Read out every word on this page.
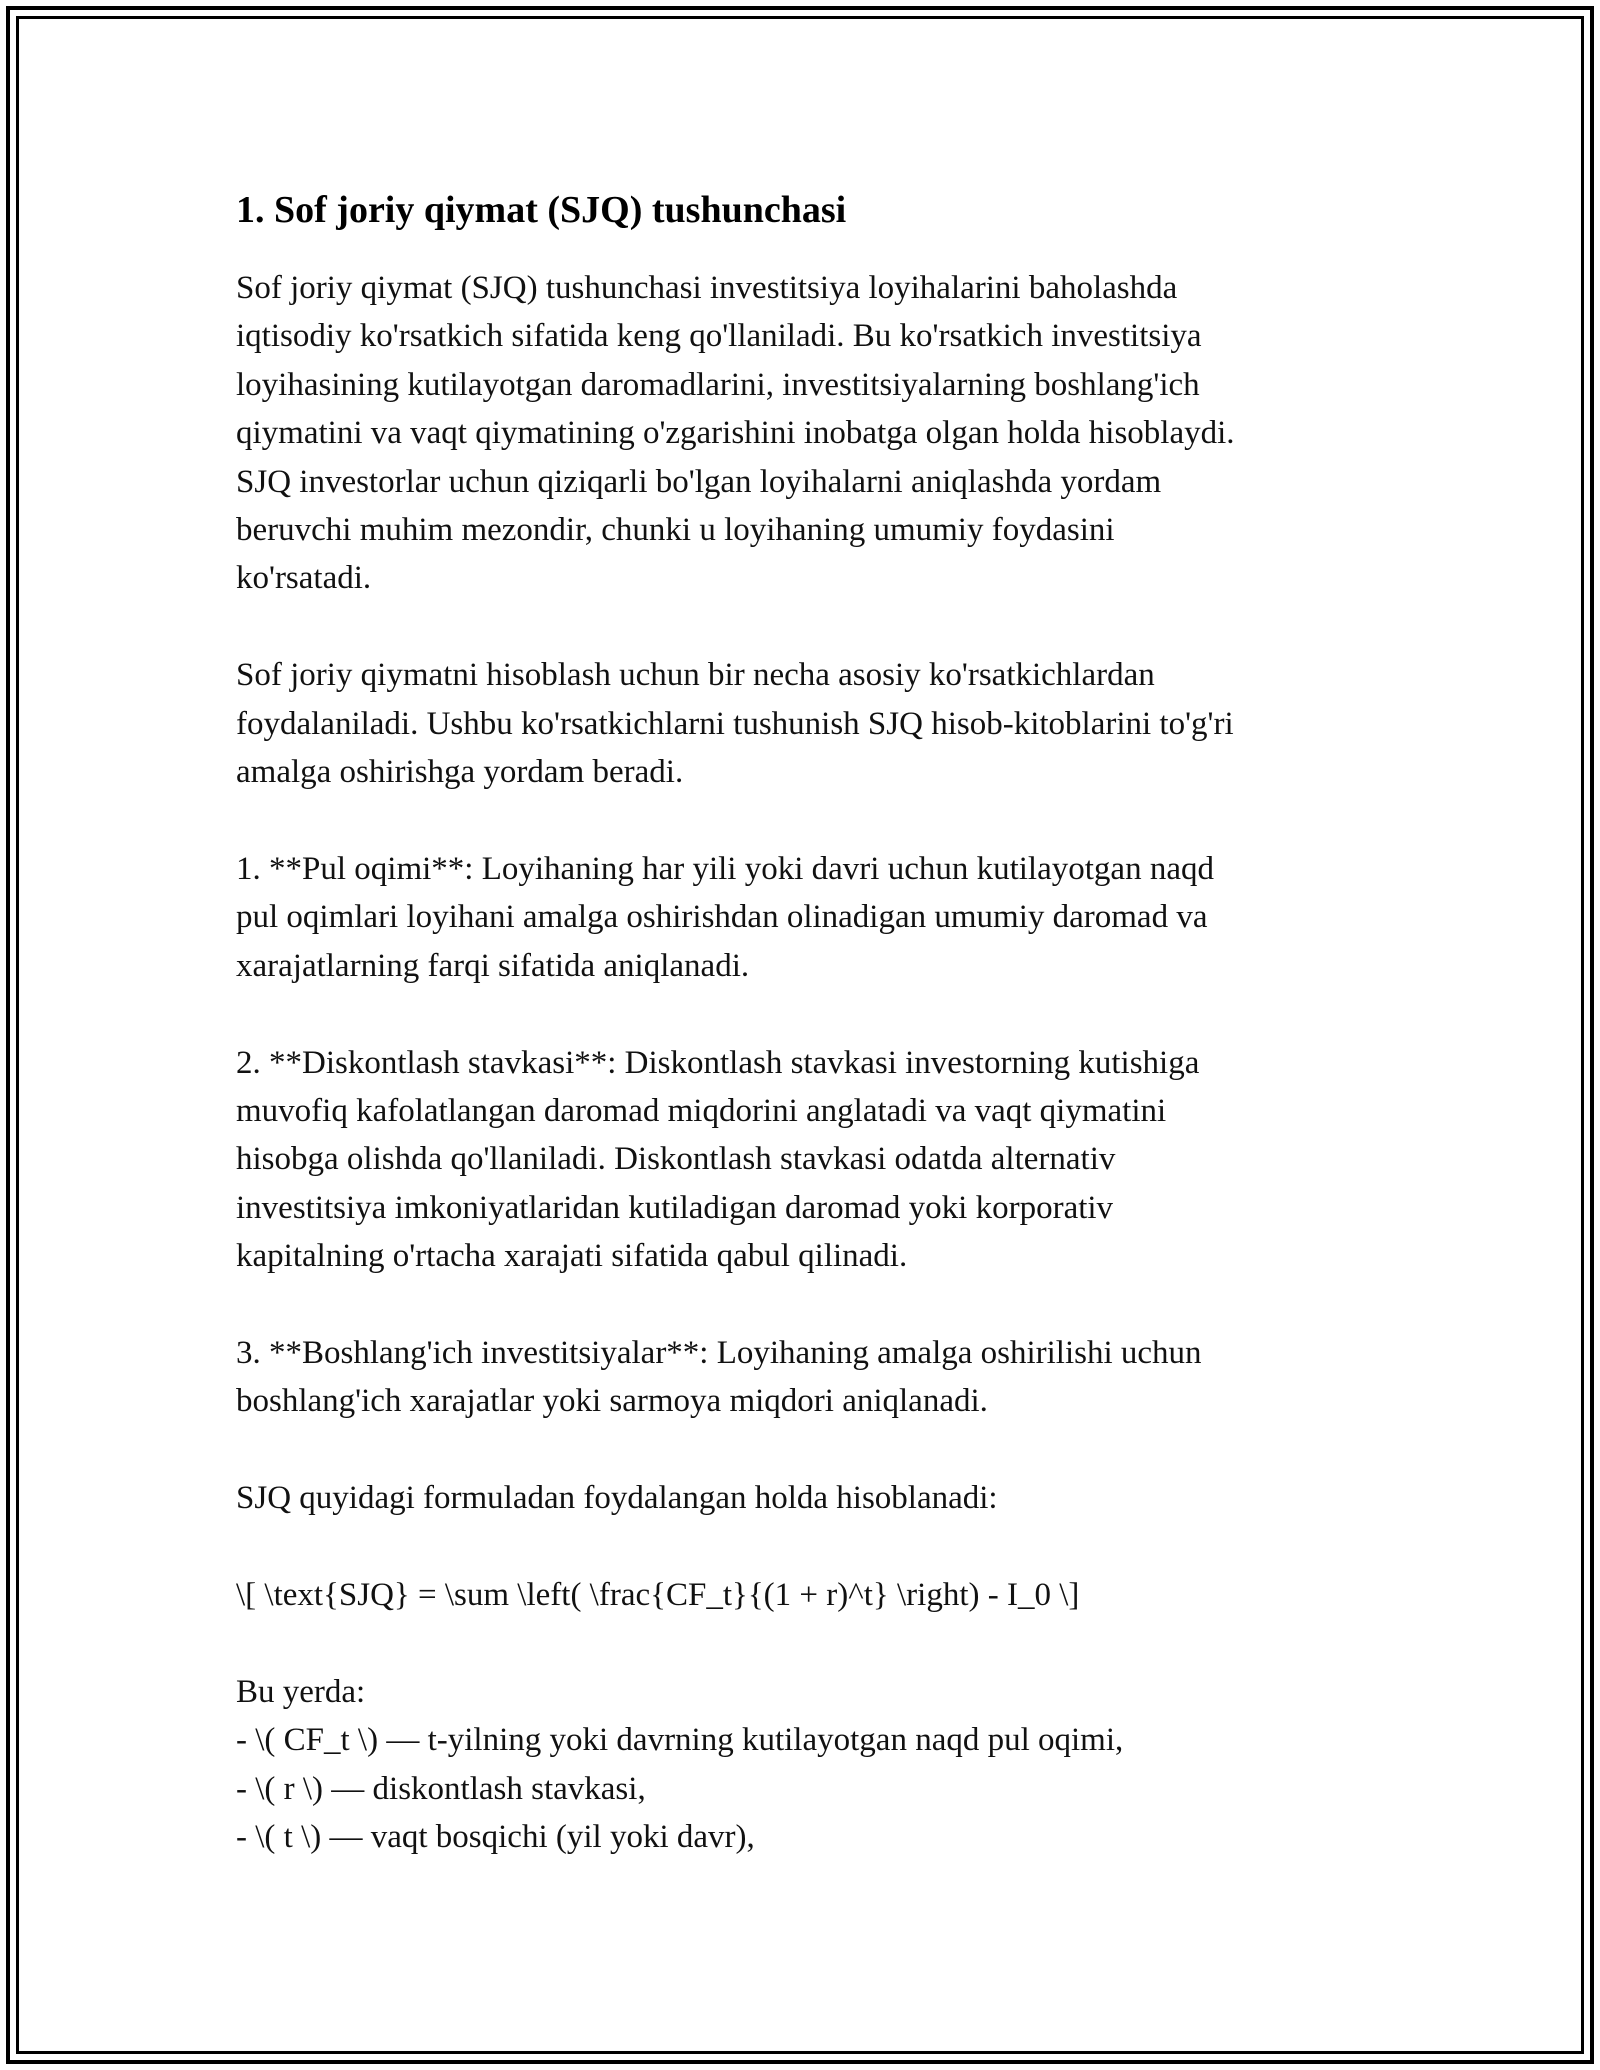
1. Sof joriy qiymat (SJQ) tushunchasi
Sof joriy qiymat (SJQ) tushunchasi investitsiya loyihalarini baholashda
iqtisodiy ko'rsatkich sifatida keng qo'llaniladi. Bu ko'rsatkich investitsiya
loyihasining kutilayotgan daromadlarini, investitsiyalarning boshlang'ich
qiymatini va vaqt qiymatining o'zgarishini inobatga olgan holda hisoblaydi.
SJQ investorlar uchun qiziqarli bo'lgan loyihalarni aniqlashda yordam
beruvchi muhim mezondir, chunki u loyihaning umumiy foydasini
ko'rsatadi.

Sof joriy qiymatni hisoblash uchun bir necha asosiy ko'rsatkichlardan
foydalaniladi. Ushbu ko'rsatkichlarni tushunish SJQ hisob-kitoblarini to'g'ri
amalga oshirishga yordam beradi.

1. **Pul oqimi**: Loyihaning har yili yoki davri uchun kutilayotgan naqd
pul oqimlari loyihani amalga oshirishdan olinadigan umumiy daromad va
xarajatlarning farqi sifatida aniqlanadi.

2. **Diskontlash stavkasi**: Diskontlash stavkasi investorning kutishiga
muvofiq kafolatlangan daromad miqdorini anglatadi va vaqt qiymatini
hisobga olishda qo'llaniladi. Diskontlash stavkasi odatda alternativ
investitsiya imkoniyatlaridan kutiladigan daromad yoki korporativ
kapitalning o'rtacha xarajati sifatida qabul qilinadi.

3. **Boshlang'ich investitsiyalar**: Loyihaning amalga oshirilishi uchun
boshlang'ich xarajatlar yoki sarmoya miqdori aniqlanadi.

SJQ quyidagi formuladan foydalangan holda hisoblanadi:

\[ \text{SJQ} = \sum \left( \frac{CF_t}{(1 + r)^t} \right) - I_0 \]

Bu yerda:
- \( CF_t \) — t-yilning yoki davrning kutilayotgan naqd pul oqimi,
- \( r \) — diskontlash stavkasi,
- \( t \) — vaqt bosqichi (yil yoki davr),
